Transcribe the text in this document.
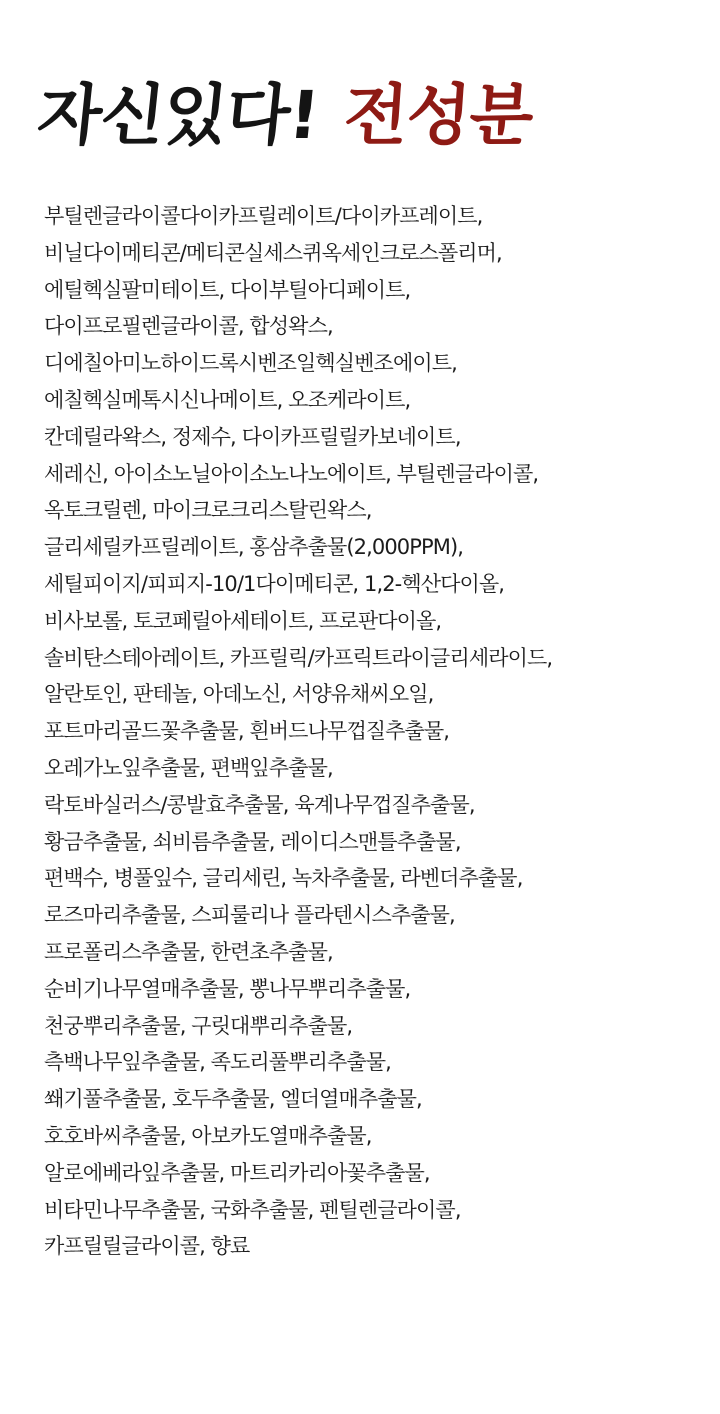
자신있다! 전성분
부틸렌글라이콜다이카프릴레이트/다이카프레이트,
비닐다이메티콘/메티콘실세스퀴옥세인크로스폴리머,
에틸헥실팔미테이트, 다이부틸아디페이트,
다이프로필렌글라이콜, 합성왁스,
디에칠아미노하이드록시벤조일헥실벤조에이트,
에칠헥실메톡시신나메이트, 오조케라이트,
칸데릴라왁스, 정제수, 다이카프릴릴카보네이트,
세레신, 아이소노닐아이소노나노에이트, 부틸렌글라이콜,
옥토크릴렌, 마이크로크리스탈린왁스,
글리세릴카프릴레이트, 홍삼추출물(2,000PPM),
세틸피이지/피피지-10/1다이메티콘, 1,2-헥산다이올,
비사보롤, 토코페릴아세테이트, 프로판다이올,
솔비탄스테아레이트, 카프릴릭/카프릭트라이글리세라이드,
알란토인, 판테놀, 아데노신, 서양유채씨오일,
포트마리골드꽃추출물, 흰버드나무껍질추출물,
오레가노잎추출물, 편백잎추출물,
락토바실러스/콩발효추출물, 육계나무껍질추출물,
황금추출물, 쇠비름추출물, 레이디스맨틀추출물,
편백수, 병풀잎수, 글리세린, 녹차추출물, 라벤더추출물,
로즈마리추출물, 스피룰리나 플라텐시스추출물,
프로폴리스추출물, 한련초추출물,
순비기나무열매추출물, 뽕나무뿌리추출물,
천궁뿌리추출물, 구릿대뿌리추출물,
측백나무잎추출물, 족도리풀뿌리추출물,
쐐기풀추출물, 호두추출물, 엘더열매추출물,
호호바씨추출물, 아보카도열매추출물,
알로에베라잎추출물, 마트리카리아꽃추출물,
비타민나무추출물, 국화추출물, 펜틸렌글라이콜,
카프릴릴글라이콜, 향료
